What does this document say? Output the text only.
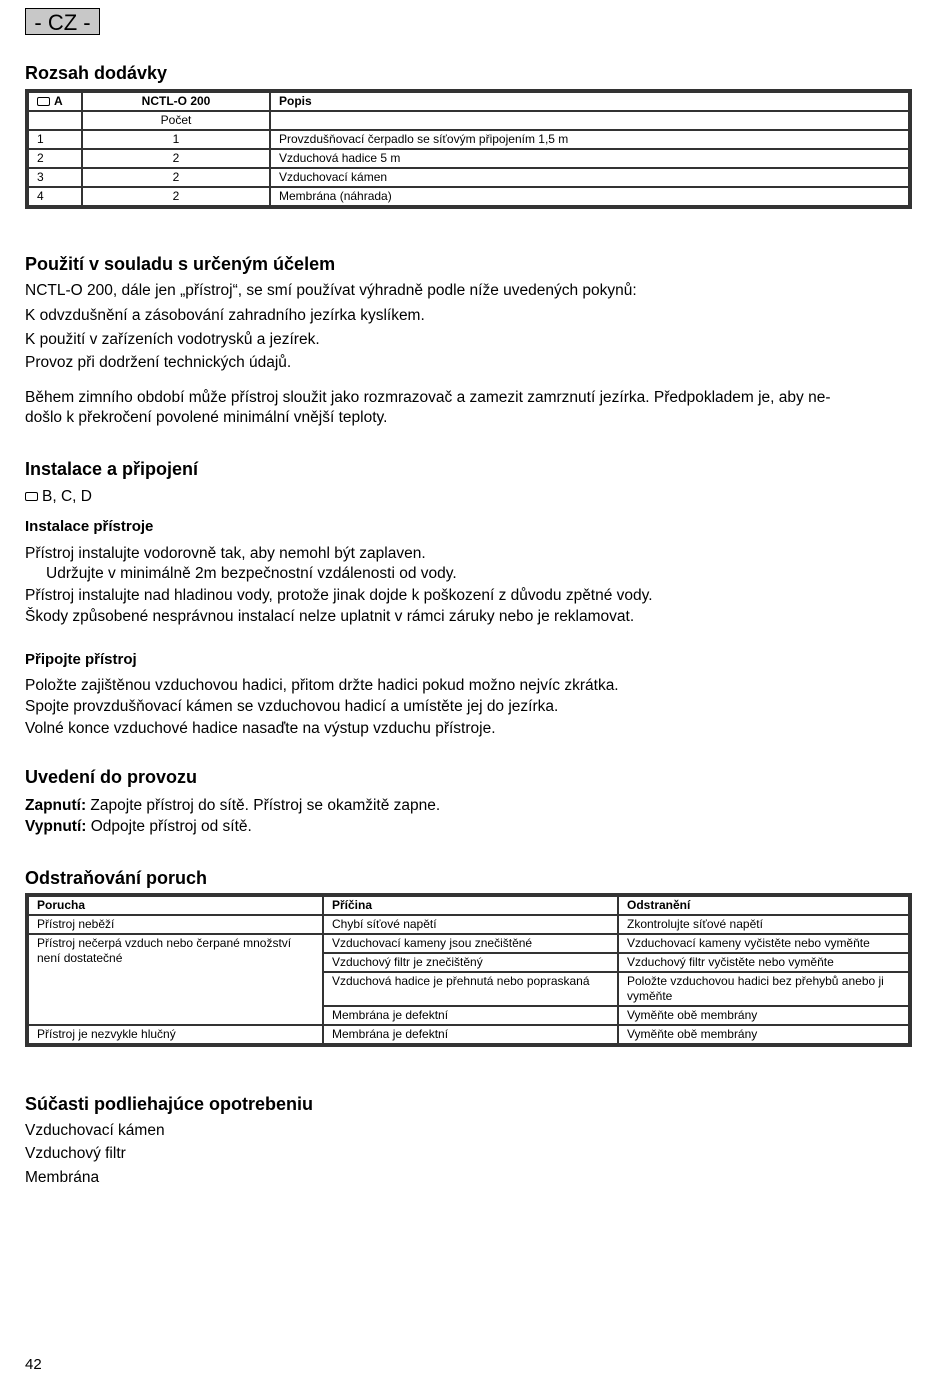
- CZ -
Rozsah dodávky
A	NCTL-O 200	Popis
	Počet	
1	1	Provzdušňovací čerpadlo se síťovým připojením 1,5 m
2	2	Vzduchová hadice 5 m
3	2	Vzduchovací kámen
4	2	Membrána (náhrada)
Použití v souladu s určeným účelem

NCTL-O 200, dále jen „přístroj“, se smí používat výhradně podle níže uvedených pokynů:

K odvzdušnění a zásobování zahradního jezírka kyslíkem.

K použití v zařízeních vodotrysků a jezírek.

Provoz při dodržení technických údajů.

Během zimního období může přístroj sloužit jako rozmrazovač a zamezit zamrznutí jezírka. Předpokladem je, aby ne-

došlo k překročení povolené minimální vnější teploty.

Instalace a připojení

B, C, D

Instalace přístroje

Přístroj instalujte vodorovně tak, aby nemohl být zaplaven.

Udržujte v minimálně 2m bezpečnostní vzdálenosti od vody.

Přístroj instalujte nad hladinou vody, protože jinak dojde k poškození z důvodu zpětné vody.

Škody způsobené nesprávnou instalací nelze uplatnit v rámci záruky nebo je reklamovat.

Připojte přístroj

Položte zajištěnou vzduchovou hadici, přitom držte hadici pokud možno nejvíc zkrátka.

Spojte provzdušňovací kámen se vzduchovou hadicí a umístěte jej do jezírka.

Volné konce vzduchové hadice nasaďte na výstup vzduchu přístroje.

Uvedení do provozu

Zapnutí: Zapojte přístroj do sítě. Přístroj se okamžitě zapne.

Vypnutí: Odpojte přístroj od sítě.

Odstraňování poruch
Porucha	Příčina	Odstranění
Přístroj neběží	Chybí síťové napětí	Zkontrolujte síťové napětí
Přístroj nečerpá vzduch nebo čerpané množství není dostatečné	Vzduchovací kameny jsou znečištěné	Vzduchovací kameny vyčistěte nebo vyměňte
	Vzduchový filtr je znečištěný	Vzduchový filtr vyčistěte nebo vyměňte
	Vzduchová hadice je přehnutá nebo popraskaná	Položte vzduchovou hadici bez přehybů anebo ji vyměňte
	Membrána je defektní	Vyměňte obě membrány
Přístroj je nezvykle hlučný	Membrána je defektní	Vyměňte obě membrány
Súčasti podliehajúce opotrebeniu

Vzduchovací kámen

Vzduchový filtr

Membrána

42
